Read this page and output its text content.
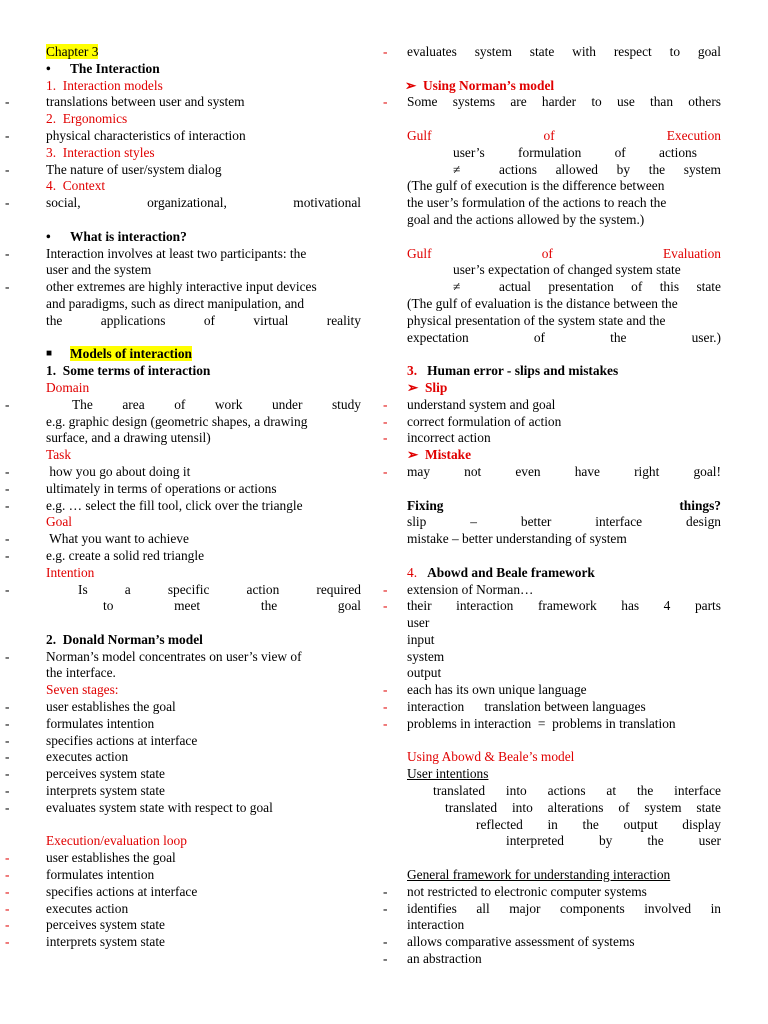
Chapter 3
• The Interaction
1. Interaction models
-	translations between user and system
2. Ergonomics
-	physical characteristics of interaction
3. Interaction styles
-	The nature of user/system dialog
4. Context
-	social,	organizational,	motivational
• What is interaction?
-	Interaction involves at least two participants: the
user and the system
-	other extremes are highly interactive input devices
and paradigms, such as direct manipulation, and
the	applications	of	virtual	reality
■ Models of interaction
1. Some terms of interaction
Domain
-	The area of work under study
e.g. graphic design (geometric shapes, a drawing
surface, and a drawing utensil)
Task
-	how you go about doing it
-	ultimately in terms of operations or actions
-	e.g. … select the fill tool, click over the triangle
Goal
-	What you want to achieve
-	e.g. create a solid red triangle
Intention
-	Is	a	specific	action	required
to	meet	the	goal
2. Donald Norman’s model
-	Norman’s model concentrates on user’s view of
the interface.
Seven stages:
-	user establishes the goal
-	formulates intention
-	specifies actions at interface
-	executes action
-	perceives system state
-	interprets system state
-	evaluates system state with respect to goal
Execution/evaluation loop
-	user establishes the goal
-	formulates intention
-	specifies actions at interface
-	executes action
-	perceives system state
-	interprets system state
- evaluates system state with respect to goal
➢ Using Norman’s model
- Some systems are harder to use than others
Gulf	of	Execution
user’s formulation of actions
≠	actions allowed by the system
(The gulf of execution is the difference between
the user’s formulation of the actions to reach the
goal and the actions allowed by the system.)
Gulf	of	Evaluation
user’s expectation of changed system state
≠	actual presentation of this state
(The gulf of evaluation is the distance between the
physical presentation of the system state and the
expectation	of	the	user.)
3. Human error - slips and mistakes
➢ Slip
- understand system and goal
- correct formulation of action
- incorrect action
➢ Mistake
- may	not	even	have	right	goal!
Fixing	things?
slip	–	better	interface	design
mistake – better understanding of system
4. Abowd and Beale framework
- extension of Norman…
- their interaction framework has 4 parts
user
input
system
output
- each has its own unique language
- interaction      translation between languages
- problems in interaction  =  problems in translation
Using Abowd & Beale’s model
User intentions
translated into actions at the interface
translated into alterations of system state
reflected in the output display
interpreted	by	the	user
General framework for understanding interaction
- not restricted to electronic computer systems
- identifies all major components involved in
interaction
- allows comparative assessment of systems
- an abstraction
